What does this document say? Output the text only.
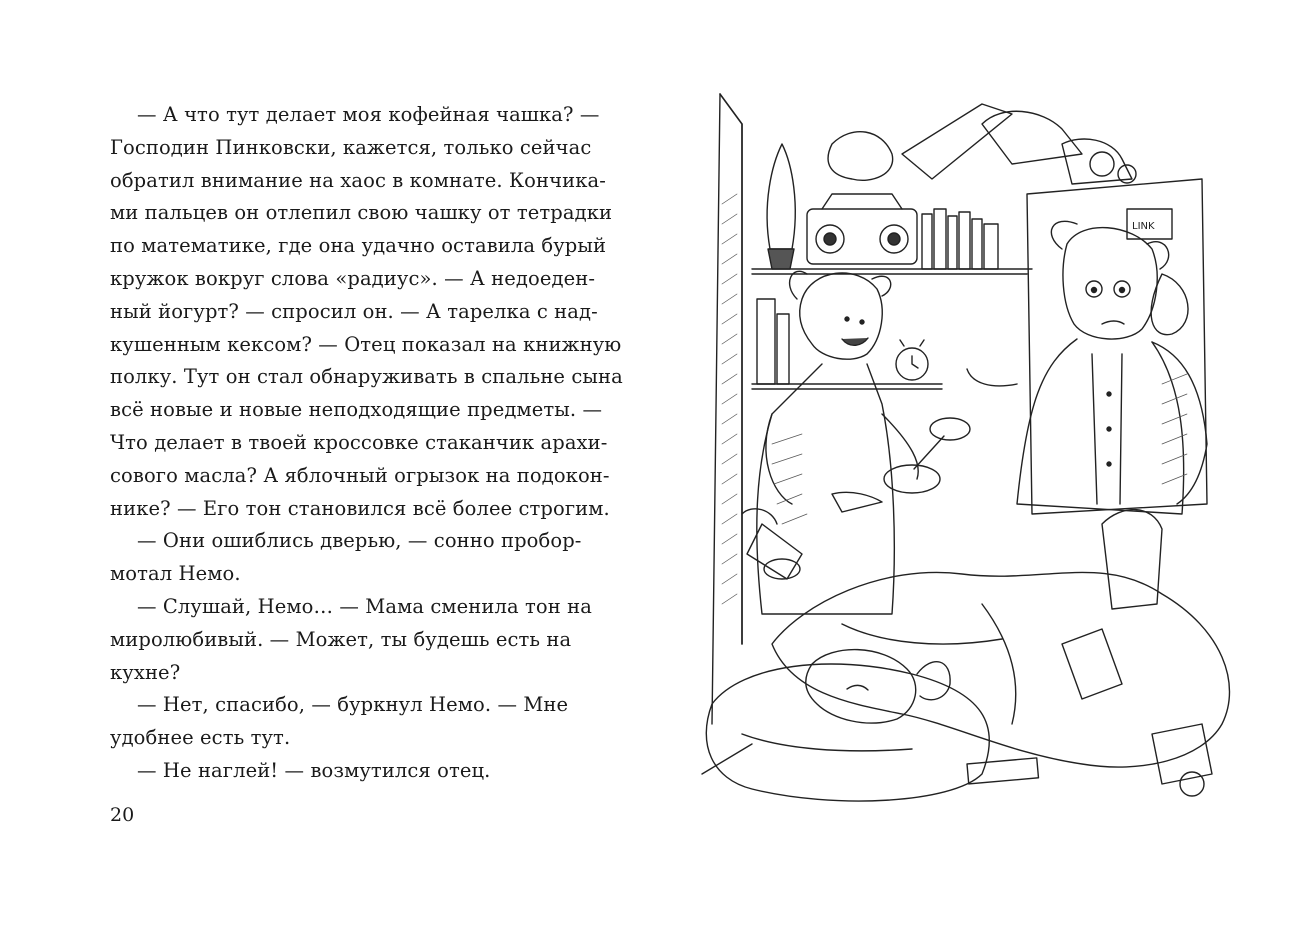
— А что тут делает моя кофейная чашка? —
Господин Пинковски, кажется, только сейчас
обратил внимание на хаос в комнате. Кончика-
ми пальцев он отлепил свою чашку от тетрадки
по математике, где она удачно оставила бурый
кружок вокруг слова «радиус». — А недоеден-
ный йогурт? — спросил он. — А тарелка с над-
кушенным кексом? — Отец показал на книжную
полку. Тут он стал обнаруживать в спальне сына
всё новые и новые неподходящие предметы. —
Что делает в твоей кроссовке стаканчик арахи-
сового масла? А яблочный огрызок на подокон-
нике? — Его тон становился всё более строгим.
— Они ошиблись дверью, — сонно пробор-
мотал Немо.
— Слушай, Немо… — Мама сменила тон на
миролюбивый. — Может, ты будешь есть на
кухне?
— Нет, спасибо, — буркнул Немо. — Мне
удобнее есть тут.
— Не наглей! — возмутился отец.
20
LINK
